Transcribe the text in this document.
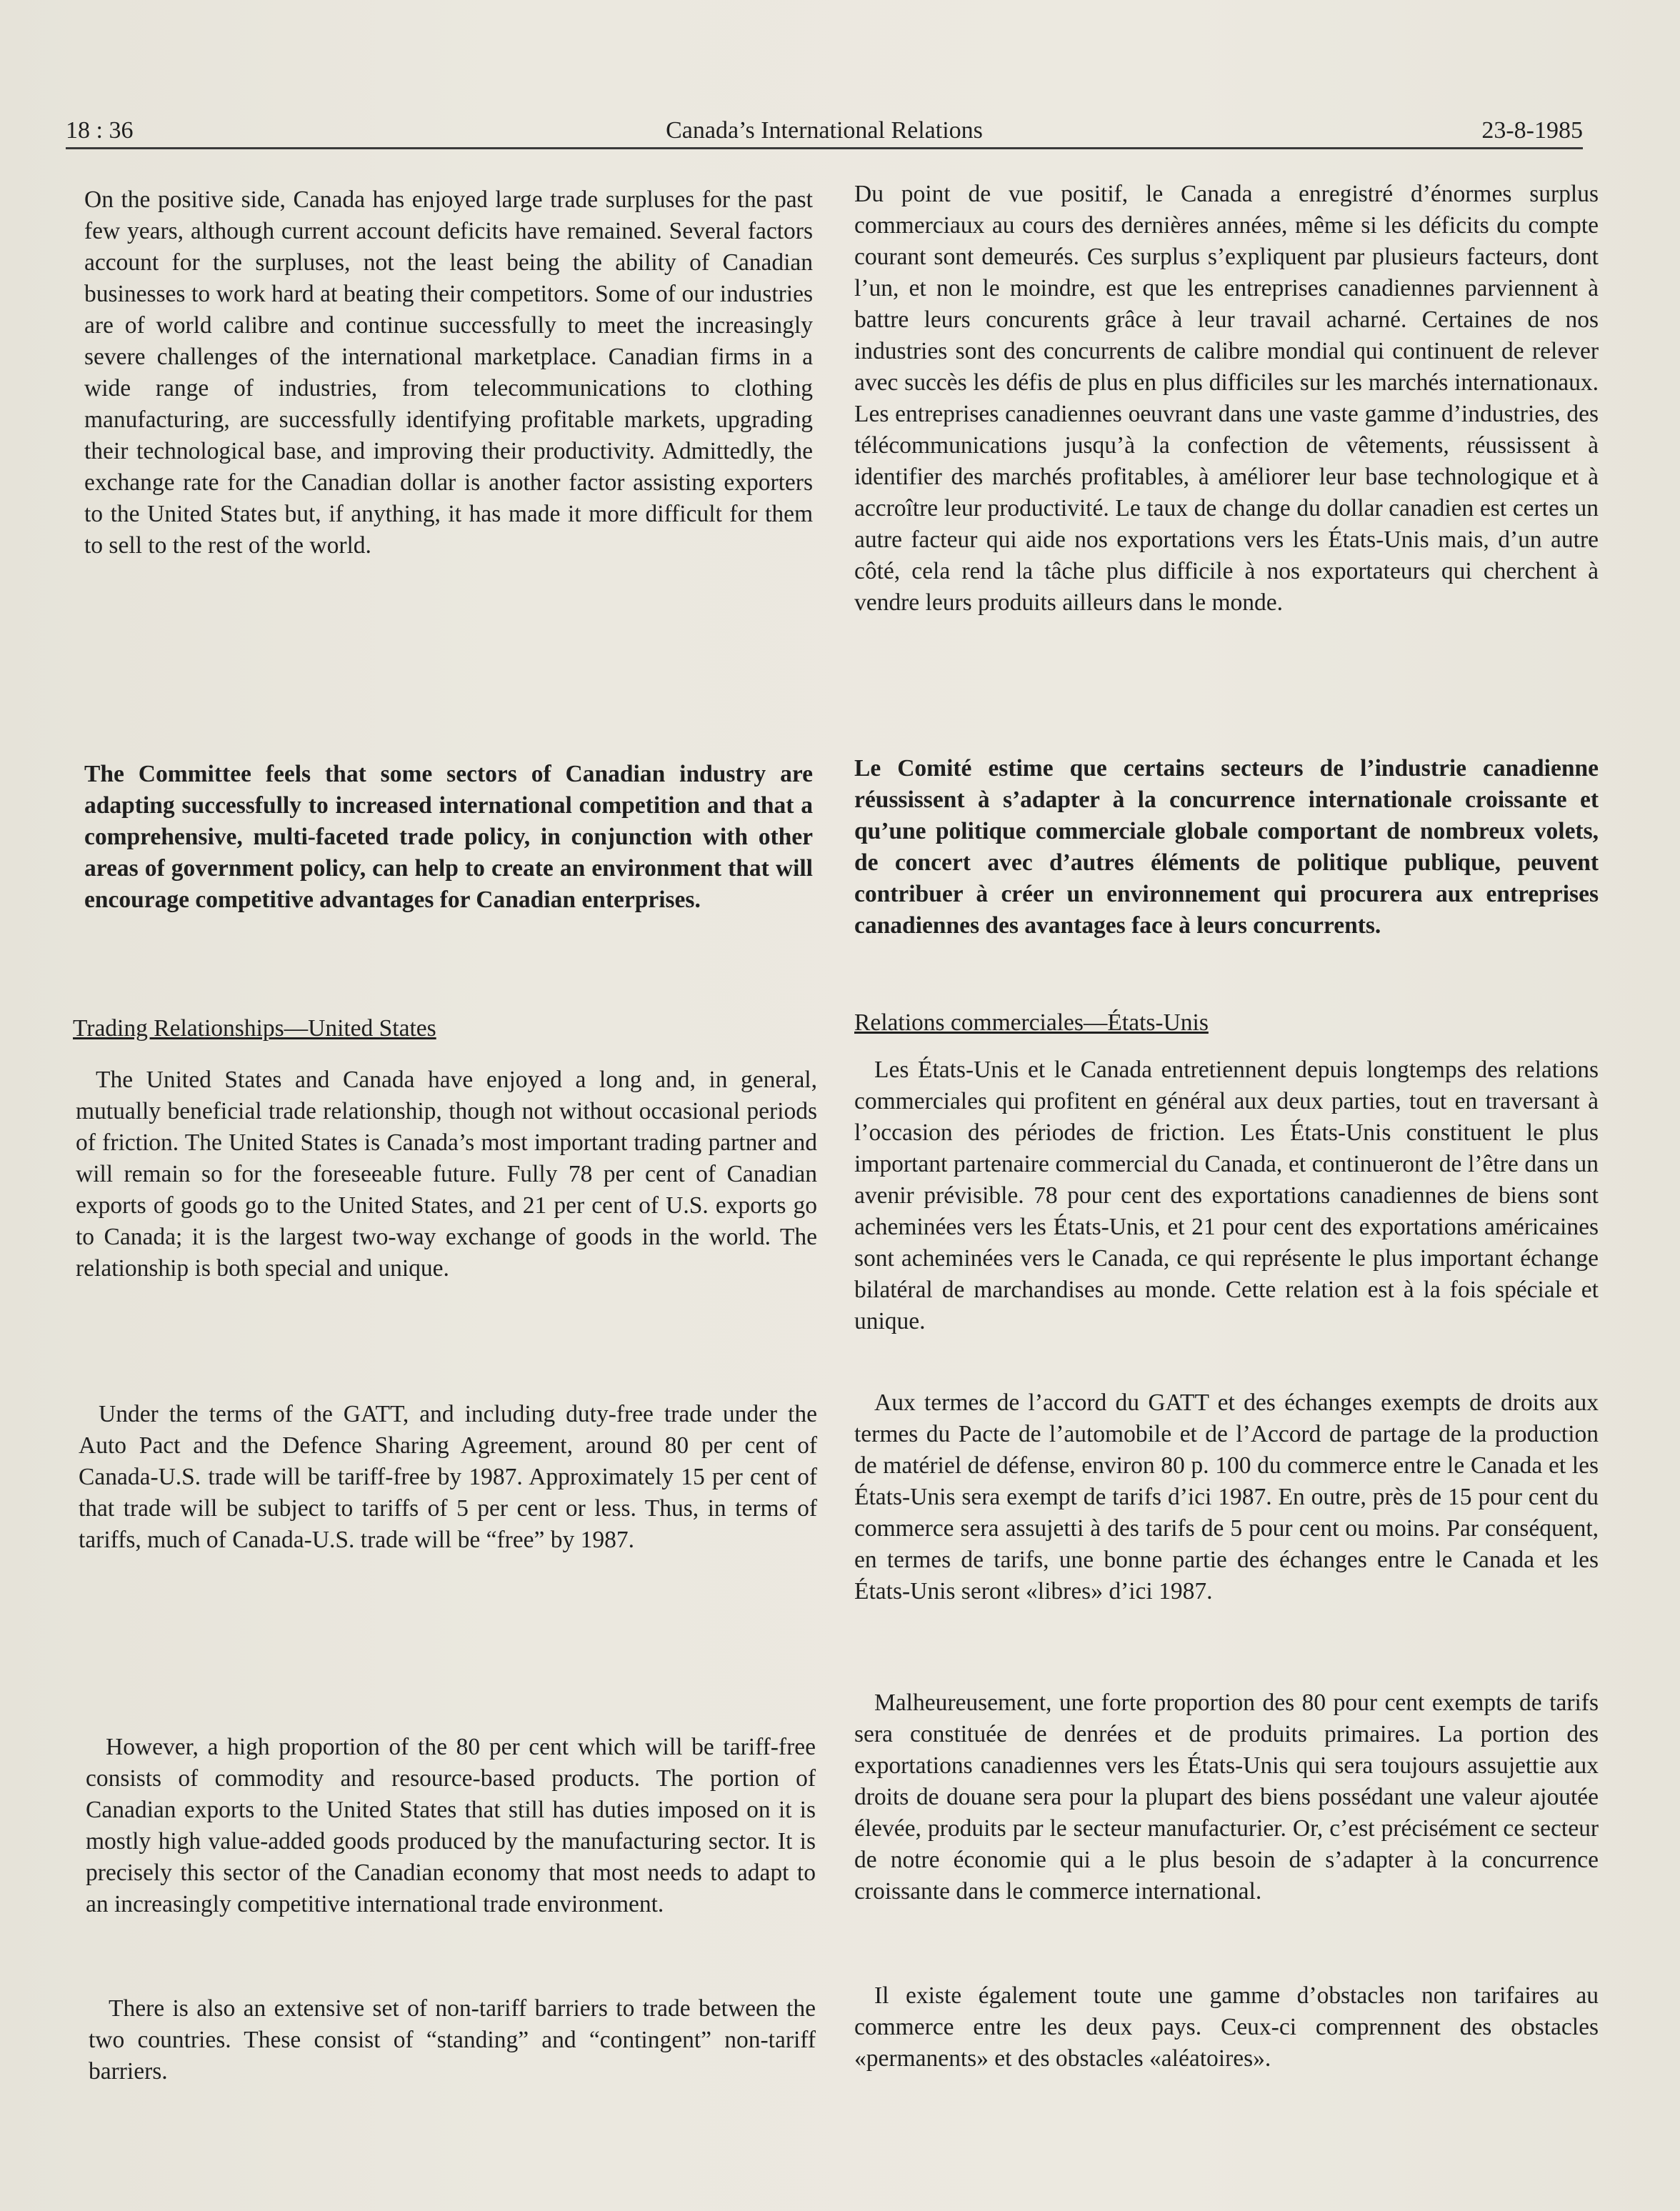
18 : 36	Canada’s International Relations	23-8-1985

On the positive side, Canada has enjoyed large trade surpluses for the past few years, although current account deficits have remained. Several factors account for the surpluses, not the least being the ability of Canadian businesses to work hard at beating their competitors. Some of our industries are of world calibre and continue successfully to meet the increasingly severe challenges of the international marketplace. Canadian firms in a wide range of industries, from telecommunications to clothing manufacturing, are successfully identifying profitable markets, upgrading their technological base, and improving their productivity. Admittedly, the exchange rate for the Canadian dollar is another factor assisting exporters to the United States but, if anything, it has made it more difficult for them to sell to the rest of the world.

The Committee feels that some sectors of Canadian industry are adapting successfully to increased international competition and that a comprehensive, multi-faceted trade policy, in conjunction with other areas of government policy, can help to create an environment that will encourage competitive advantages for Canadian enterprises.

Trading Relationships—United States

The United States and Canada have enjoyed a long and, in general, mutually beneficial trade relationship, though not without occasional periods of friction. The United States is Canada’s most important trading partner and will remain so for the foreseeable future. Fully 78 per cent of Canadian exports of goods go to the United States, and 21 per cent of U.S. exports go to Canada; it is the largest two-way exchange of goods in the world. The relationship is both special and unique.

Under the terms of the GATT, and including duty-free trade under the Auto Pact and the Defence Sharing Agreement, around 80 per cent of Canada-U.S. trade will be tariff-free by 1987. Approximately 15 per cent of that trade will be subject to tariffs of 5 per cent or less. Thus, in terms of tariffs, much of Canada-U.S. trade will be “free” by 1987.

However, a high proportion of the 80 per cent which will be tariff-free consists of commodity and resource-based products. The portion of Canadian exports to the United States that still has duties imposed on it is mostly high value-added goods produced by the manufacturing sector. It is precisely this sector of the Canadian economy that most needs to adapt to an increasingly competitive international trade environment.

There is also an extensive set of non-tariff barriers to trade between the two countries. These consist of “standing” and “contingent” non-tariff barriers.

Du point de vue positif, le Canada a enregistré d’énormes surplus commerciaux au cours des dernières années, même si les déficits du compte courant sont demeurés. Ces surplus s’expliquent par plusieurs facteurs, dont l’un, et non le moindre, est que les entreprises canadiennes parviennent à battre leurs concurents grâce à leur travail acharné. Certaines de nos industries sont des concurrents de calibre mondial qui continuent de relever avec succès les défis de plus en plus difficiles sur les marchés internationaux. Les entreprises canadiennes oeuvrant dans une vaste gamme d’industries, des télécommunications jusqu’à la confection de vêtements, réussissent à identifier des marchés profitables, à améliorer leur base technologique et à accroître leur productivité. Le taux de change du dollar canadien est certes un autre facteur qui aide nos exportations vers les États-Unis mais, d’un autre côté, cela rend la tâche plus difficile à nos exportateurs qui cherchent à vendre leurs produits ailleurs dans le monde.

Le Comité estime que certains secteurs de l’industrie canadienne réussissent à s’adapter à la concurrence internationale croissante et qu’une politique commerciale globale comportant de nombreux volets, de concert avec d’autres éléments de politique publique, peuvent contribuer à créer un environnement qui procurera aux entreprises canadiennes des avantages face à leurs concurrents.

Relations commerciales—États-Unis

Les États-Unis et le Canada entretiennent depuis longtemps des relations commerciales qui profitent en général aux deux parties, tout en traversant à l’occasion des périodes de friction. Les États-Unis constituent le plus important partenaire commercial du Canada, et continueront de l’être dans un avenir prévisible. 78 pour cent des exportations canadiennes de biens sont acheminées vers les États-Unis, et 21 pour cent des exportations américaines sont acheminées vers le Canada, ce qui représente le plus important échange bilatéral de marchandises au monde. Cette relation est à la fois spéciale et unique.

Aux termes de l’accord du GATT et des échanges exempts de droits aux termes du Pacte de l’automobile et de l’Accord de partage de la production de matériel de défense, environ 80 p. 100 du commerce entre le Canada et les États-Unis sera exempt de tarifs d’ici 1987. En outre, près de 15 pour cent du commerce sera assujetti à des tarifs de 5 pour cent ou moins. Par conséquent, en termes de tarifs, une bonne partie des échanges entre le Canada et les États-Unis seront «libres» d’ici 1987.

Malheureusement, une forte proportion des 80 pour cent exempts de tarifs sera constituée de denrées et de produits primaires. La portion des exportations canadiennes vers les États-Unis qui sera toujours assujettie aux droits de douane sera pour la plupart des biens possédant une valeur ajoutée élevée, produits par le secteur manufacturier. Or, c’est précisément ce secteur de notre économie qui a le plus besoin de s’adapter à la concurrence croissante dans le commerce international.

Il existe également toute une gamme d’obstacles non tarifaires au commerce entre les deux pays. Ceux-ci comprennent des obstacles «permanents» et des obstacles «aléatoires».
